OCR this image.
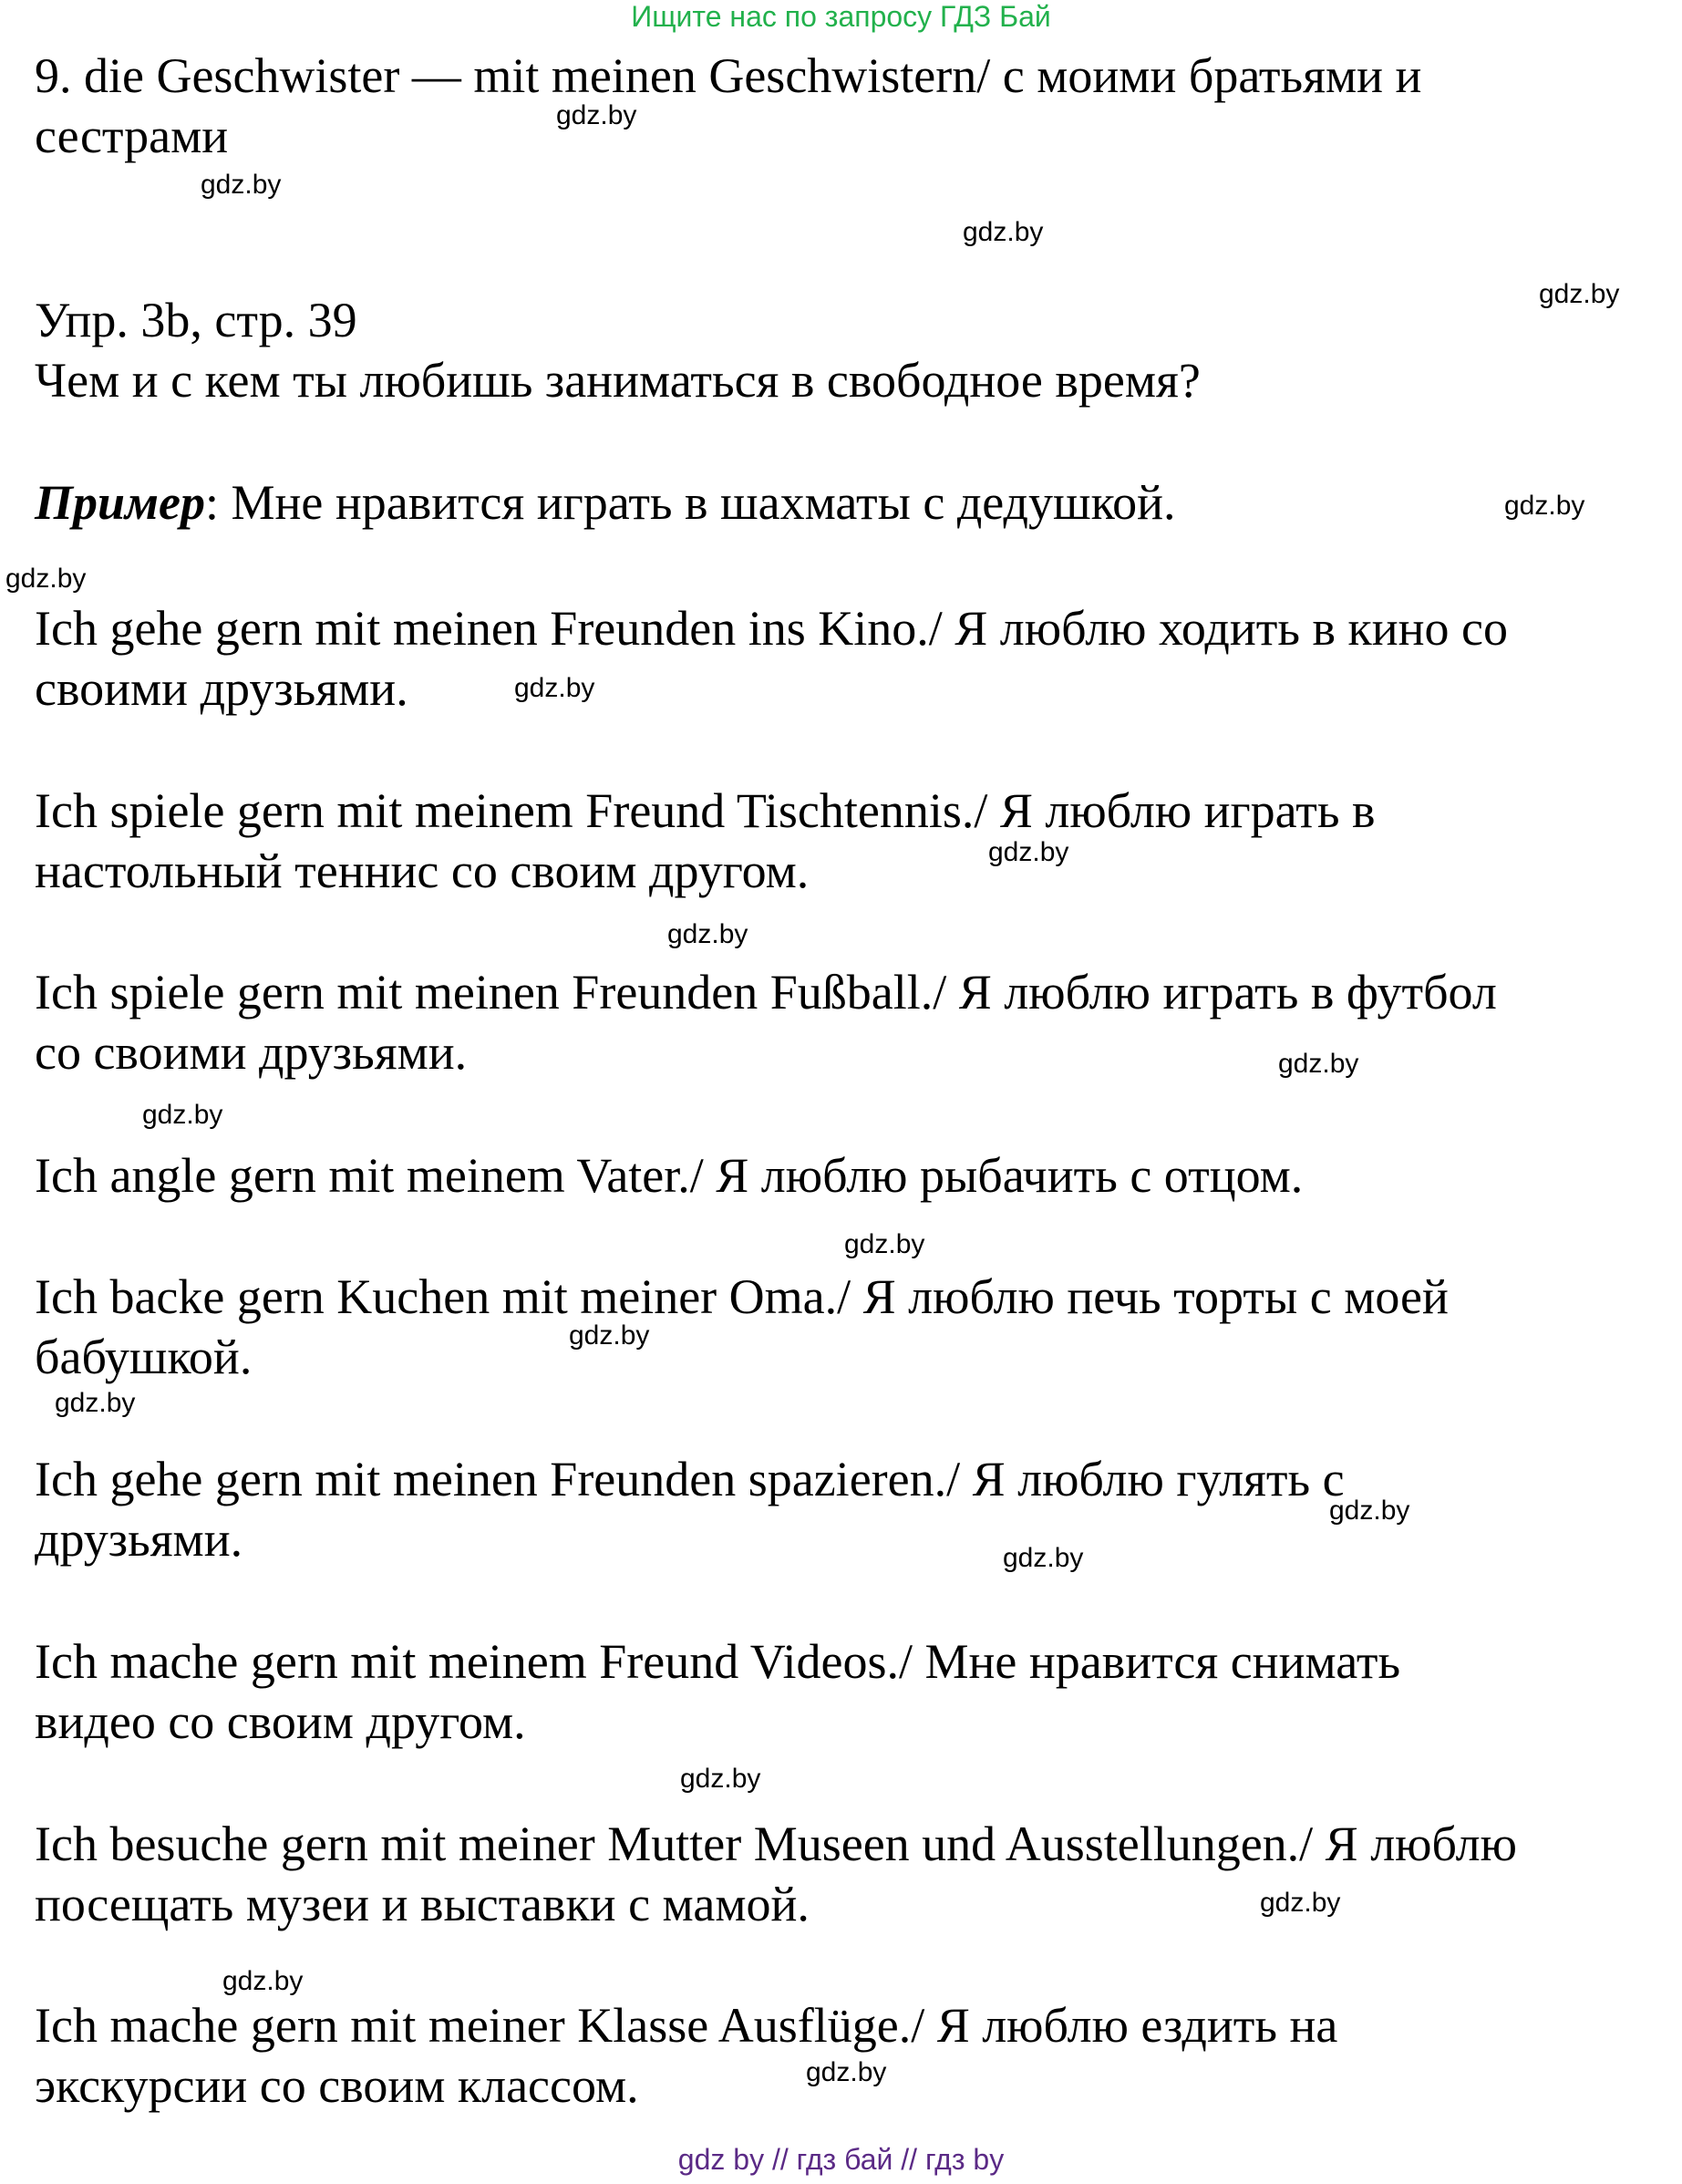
Ищите нас по запросу ГДЗ Бай

9. die Geschwister — mit meinen Geschwistern/ с моими братьями и

сестрами

Упр. 3b, стр. 39

Чем и с кем ты любишь заниматься в свободное время?

Пример: Мне нравится играть в шахматы с дедушкой.

Ich gehe gern mit meinen Freunden ins Kino./ Я люблю ходить в кино со

своими друзьями.

Ich spiele gern mit meinem Freund Tischtennis./ Я люблю играть в

настольный теннис со своим другом.

Ich spiele gern mit meinen Freunden Fußball./ Я люблю играть в футбол

со своими друзьями.

Ich angle gern mit meinem Vater./ Я люблю рыбачить с отцом.

Ich backe gern Kuchen mit meiner Oma./ Я люблю печь торты с моей

бабушкой.

Ich gehe gern mit meinen Freunden spazieren./ Я люблю гулять с

друзьями.

Ich mache gern mit meinem Freund Videos./ Мне нравится снимать

видео со своим другом.

Ich besuche gern mit meiner Mutter Museen und Ausstellungen./ Я люблю

посещать музеи и выставки с мамой.

Ich mache gern mit meiner Klasse Ausflüge./ Я люблю ездить на

экскурсии со своим классом.

gdz.by
gdz.by
gdz.by
gdz.by
gdz.by
gdz.by
gdz.by
gdz.by
gdz.by
gdz.by
gdz.by
gdz.by
gdz.by
gdz.by
gdz.by
gdz.by
gdz.by
gdz.by
gdz.by
gdz.by
gdz by // гдз бай // гдз by
